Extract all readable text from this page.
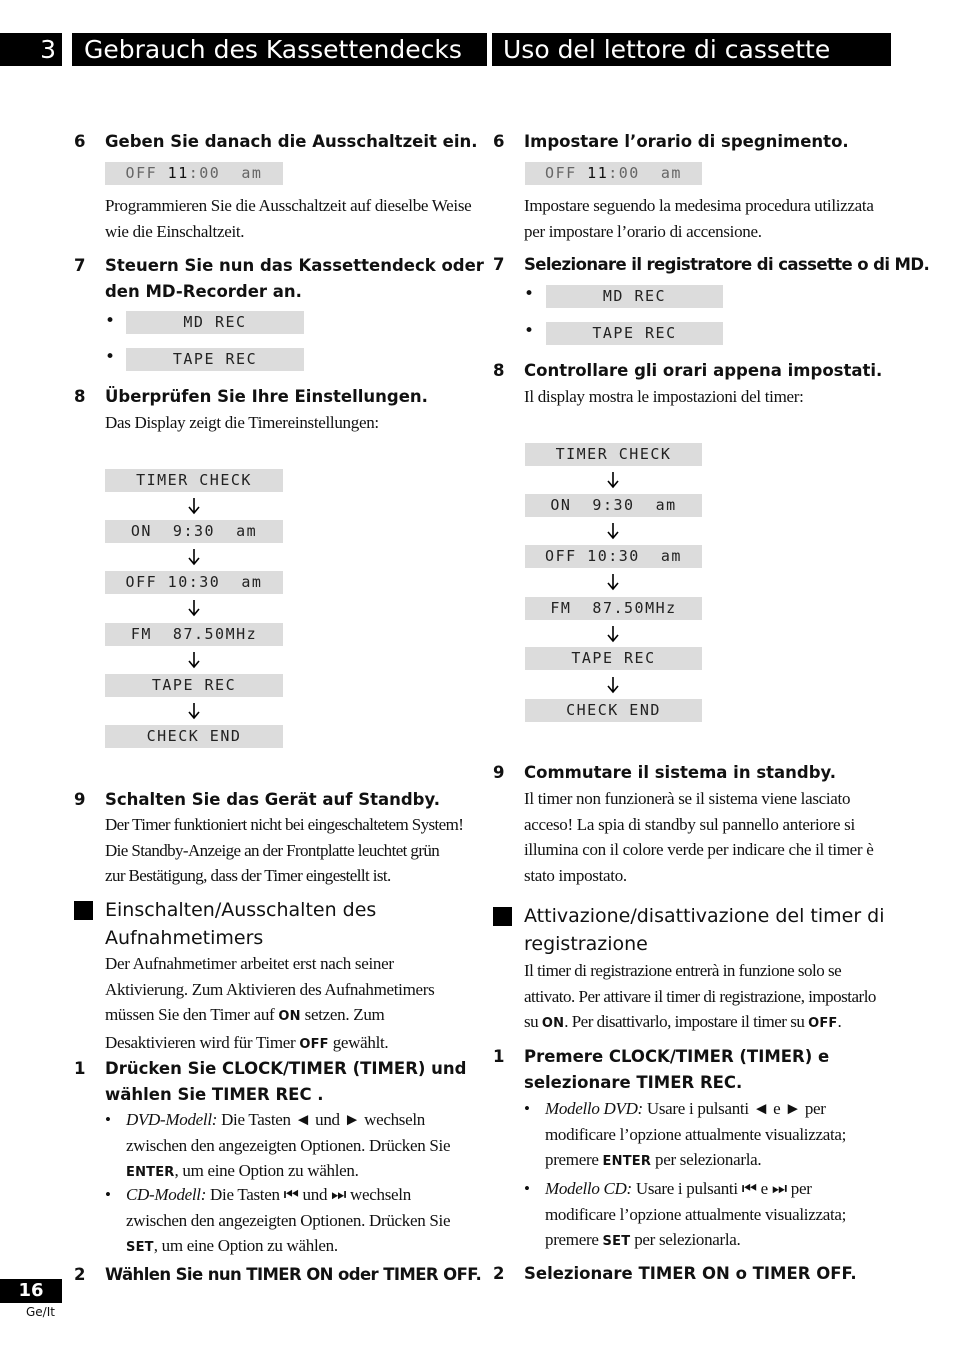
3	Gebrauch des Kassettendecks	Uso del lettore di cassette
6 Geben Sie danach die Ausschaltzeit ein.
OFF 11:00  am
Programmieren Sie die Ausschaltzeit auf dieselbe Weise
wie die Einschaltzeit.
7 Steuern Sie nun das Kassettendeck oder
den MD-Recorder an.
•	MD REC
•	TAPE REC
8 Überprüfen Sie Ihre Einstellungen.
Das Display zeigt die Timereinstellungen:
TIMER CHECK
ON  9:30  am
OFF 10:30  am
FM  87.50MHz
TAPE REC
CHECK END
9 Schalten Sie das Gerät auf Standby.
Der Timer funktioniert nicht bei eingeschaltetem System!
Die Standby-Anzeige an der Frontplatte leuchtet grün
zur Bestätigung, dass der Timer eingestellt ist.
Einschalten/Ausschalten des
Aufnahmetimers
Der Aufnahmetimer arbeitet erst nach seiner
Aktivierung. Zum Aktivieren des Aufnahmetimers
müssen Sie den Timer auf ON setzen. Zum
Desaktivieren wird für Timer OFF gewählt.
1 Drücken Sie CLOCK/TIMER (TIMER) und
wählen Sie TIMER REC .
• DVD-Modell: Die Tasten ◄ und ► wechseln
zwischen den angezeigten Optionen. Drücken Sie
ENTER, um eine Option zu wählen.
• CD-Modell: Die Tasten ⏮ und ⏭ wechseln
zwischen den angezeigten Optionen. Drücken Sie
SET, um eine Option zu wählen.
2 Wählen Sie nun TIMER ON oder TIMER OFF.
6 Impostare l’orario di spegnimento.
OFF 11:00  am
Impostare seguendo la medesima procedura utilizzata
per impostare l’orario di accensione.
7 Selezionare il registratore di cassette o di MD.
•	MD REC
•	TAPE REC
8 Controllare gli orari appena impostati.
Il display mostra le impostazioni del timer:
TIMER CHECK
ON  9:30  am
OFF 10:30  am
FM  87.50MHz
TAPE REC
CHECK END
9 Commutare il sistema in standby.
Il timer non funzionerà se il sistema viene lasciato
acceso! La spia di standby sul pannello anteriore si
illumina con il colore verde per indicare che il timer è
stato impostato.
Attivazione/disattivazione del timer di
registrazione
Il timer di registrazione entrerà in funzione solo se
attivato. Per attivare il timer di registrazione, impostarlo
su ON. Per disattivarlo, impostare il timer su OFF.
1 Premere CLOCK/TIMER (TIMER) e
selezionare TIMER REC.
• Modello DVD: Usare i pulsanti ◄ e ► per
modificare l’opzione attualmente visualizzata;
premere ENTER per selezionarla.
• Modello CD: Usare i pulsanti ⏮ e ⏭ per
modificare l’opzione attualmente visualizzata;
premere SET per selezionarla.
2 Selezionare TIMER ON o TIMER OFF.
16
Ge/It
